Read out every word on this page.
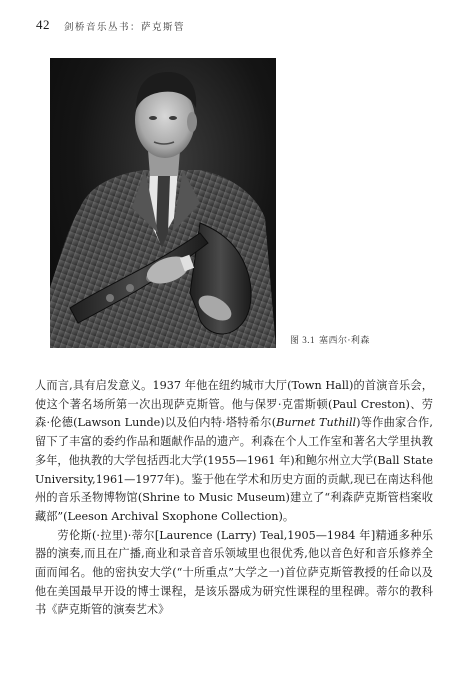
42 剑桥音乐丛书：萨克斯管
图 3.1 塞西尔·利森

人而言,具有启发意义。1937 年他在纽约城市大厅(Town Hall)的首演音乐会，使这个著名场所第一次出现萨克斯管。他与保罗·克雷斯顿(Paul Creston)、劳森·伦德(Lawson Lunde)以及伯内特·塔特希尔(Burnet Tuthill)等作曲家合作,留下了丰富的委约作品和题献作品的遗产。利森在个人工作室和著名大学里执教多年，他执教的大学包括西北大学(1955—1961 年)和鲍尔州立大学(Ball State University,1961—1977年)。鉴于他在学术和历史方面的贡献,现已在南达科他州的音乐圣物博物馆(Shrine to Music Museum)建立了“利森萨克斯管档案收藏部”(Leeson Archival Sxophone Collection)。

劳伦斯(·拉里)·蒂尔[Laurence (Larry) Teal,1905—1984 年]精通多种乐器的演奏,而且在广播,商业和录音音乐领域里也很优秀,他以音色好和音乐修养全面而闻名。他的密执安大学(“十所重点”大学之一)首位萨克斯管教授的任命以及他在美国最早开设的博士课程，是该乐器成为研究性课程的里程碑。蒂尔的教科书《萨克斯管的演奏艺术》
